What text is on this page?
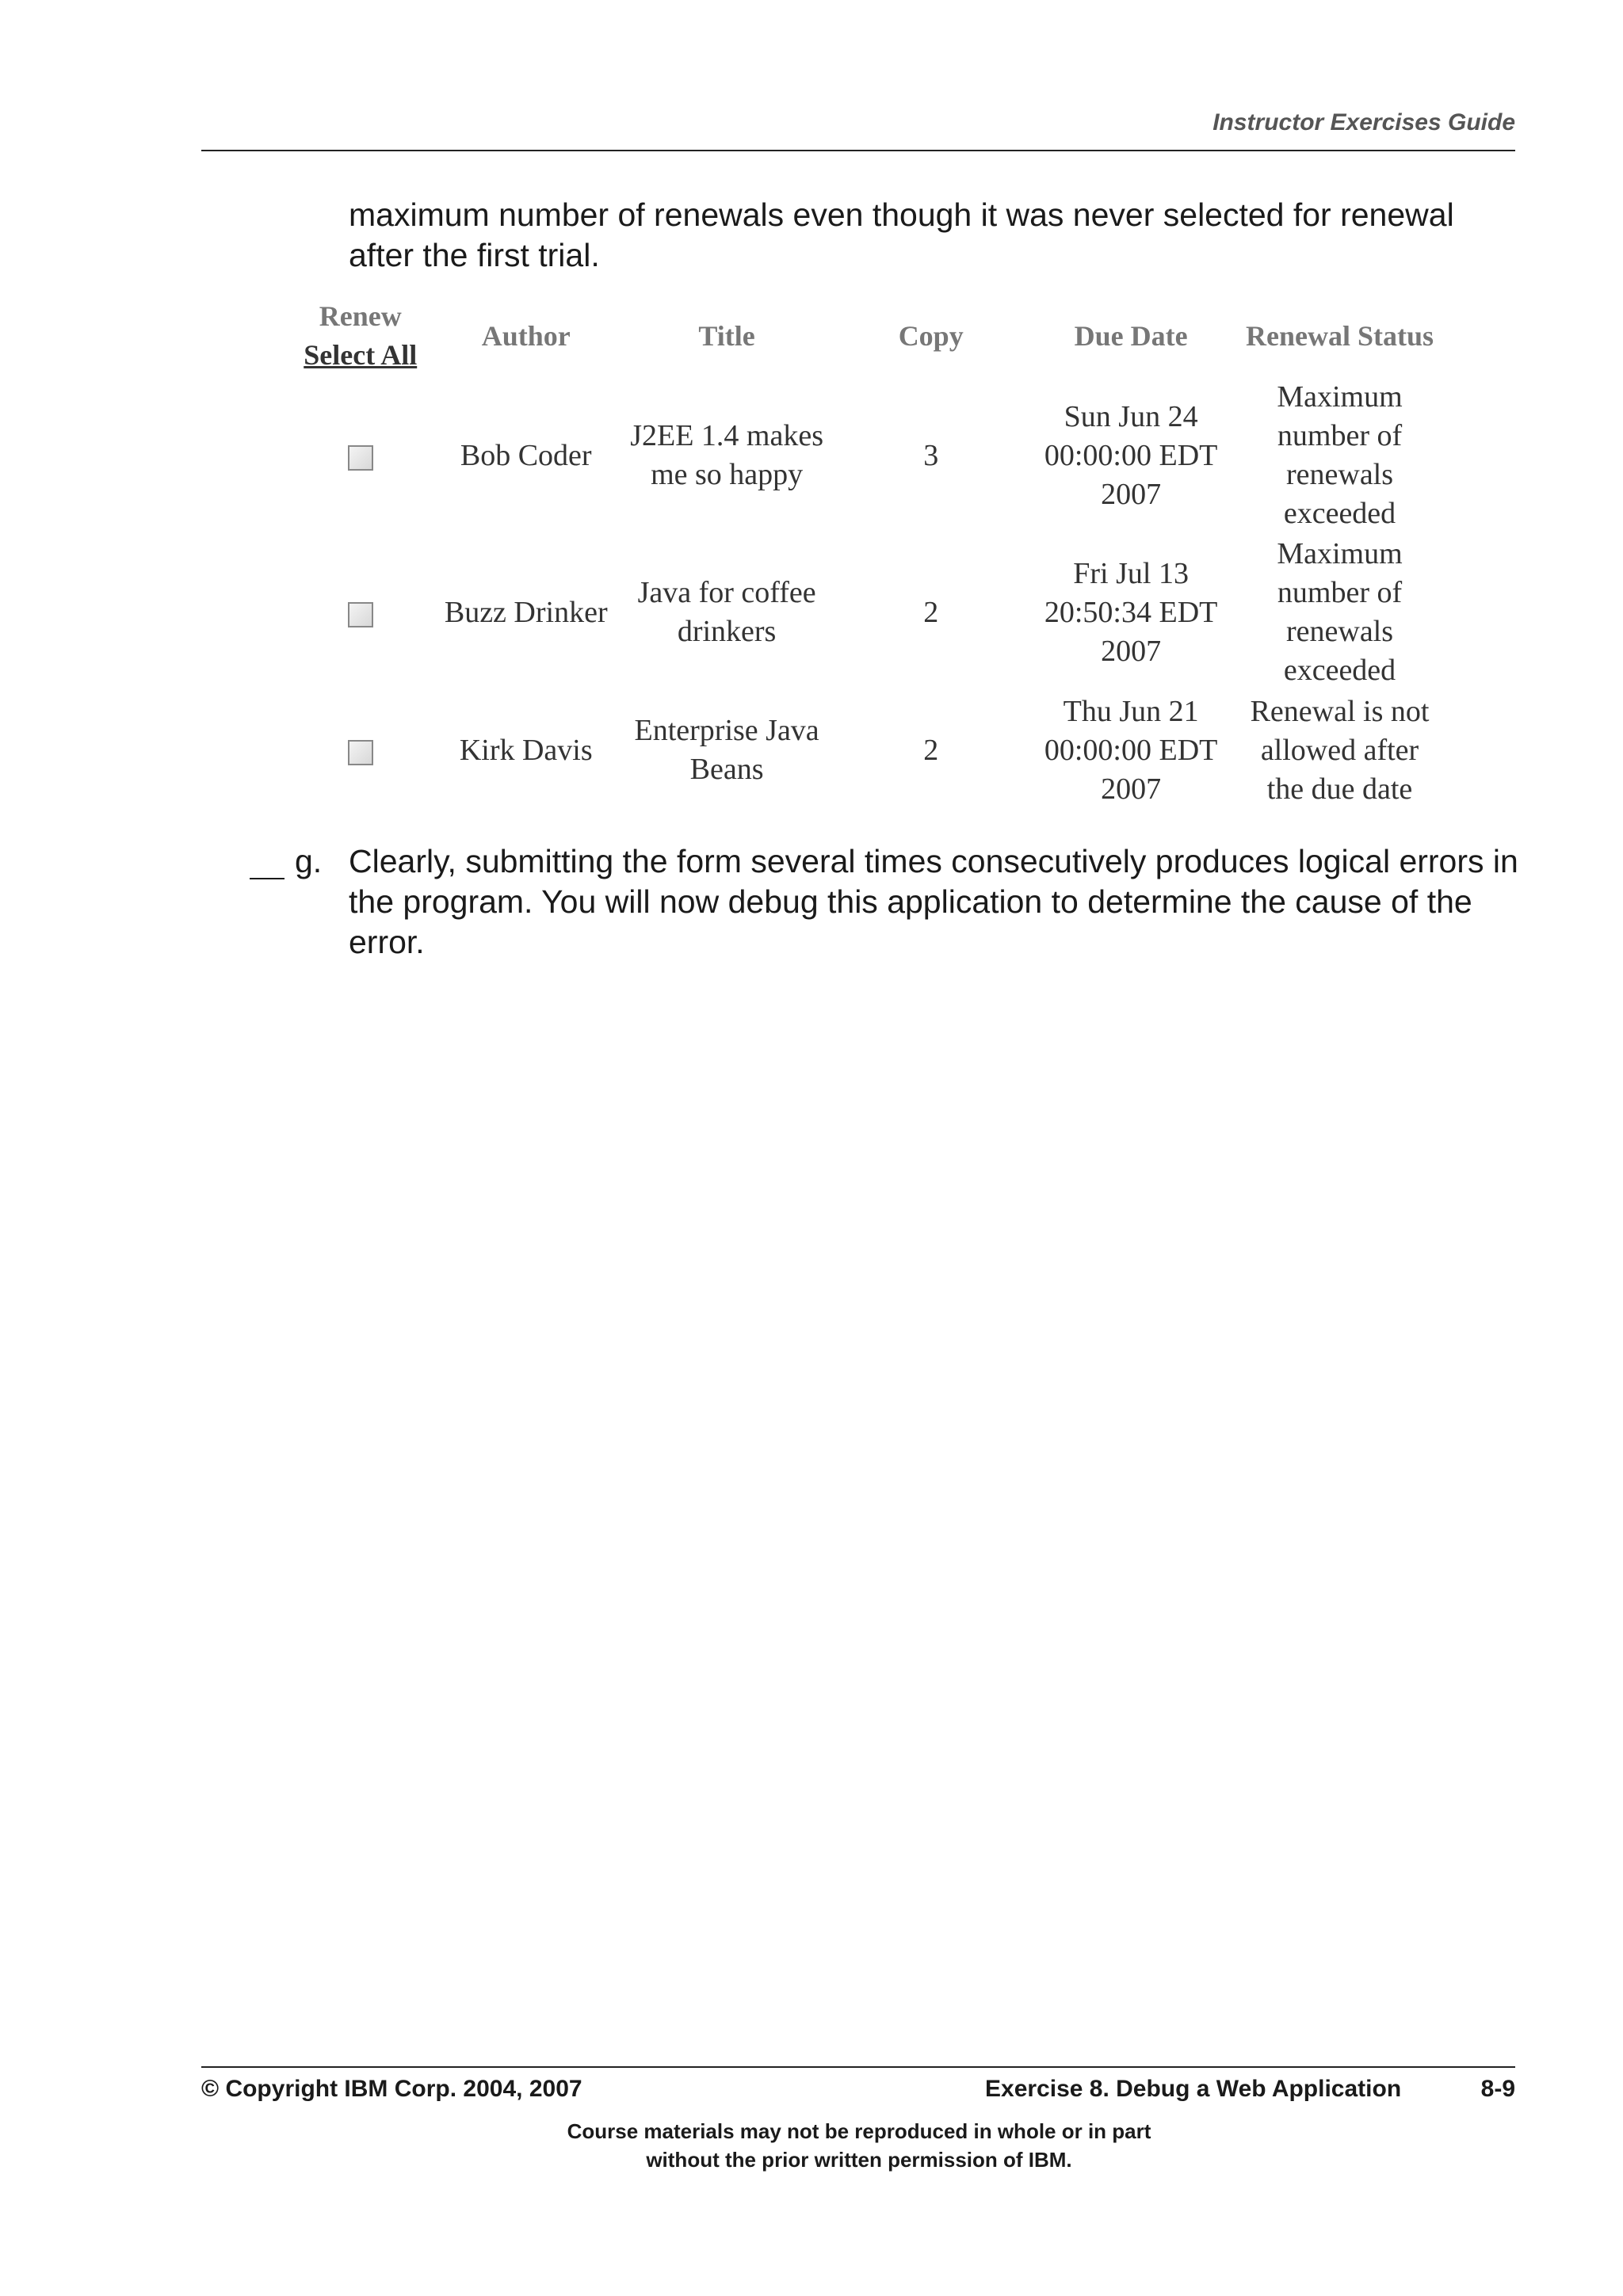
Instructor Exercises Guide
maximum number of renewals even though it was never selected for renewal after the first trial.
Renew
Select All	Author	Title	Copy	Due Date	Renewal Status
	Bob Coder	J2EE 1.4 makes me so happy	3	Sun Jun 24 00:00:00 EDT 2007	Maximum number of renewals exceeded
	Buzz Drinker	Java for coffee drinkers	2	Fri Jul 13 20:50:34 EDT 2007	Maximum number of renewals exceeded
	Kirk Davis	Enterprise Java Beans	2	Thu Jun 21 00:00:00 EDT 2007	Renewal is not allowed after the due date
g. Clearly, submitting the form several times consecutively produces logical errors in the program. You will now debug this application to determine the cause of the error.
© Copyright IBM Corp. 2004, 2007	Exercise 8. Debug a Web Application	8-9
Course materials may not be reproduced in whole or in part
without the prior written permission of IBM.
